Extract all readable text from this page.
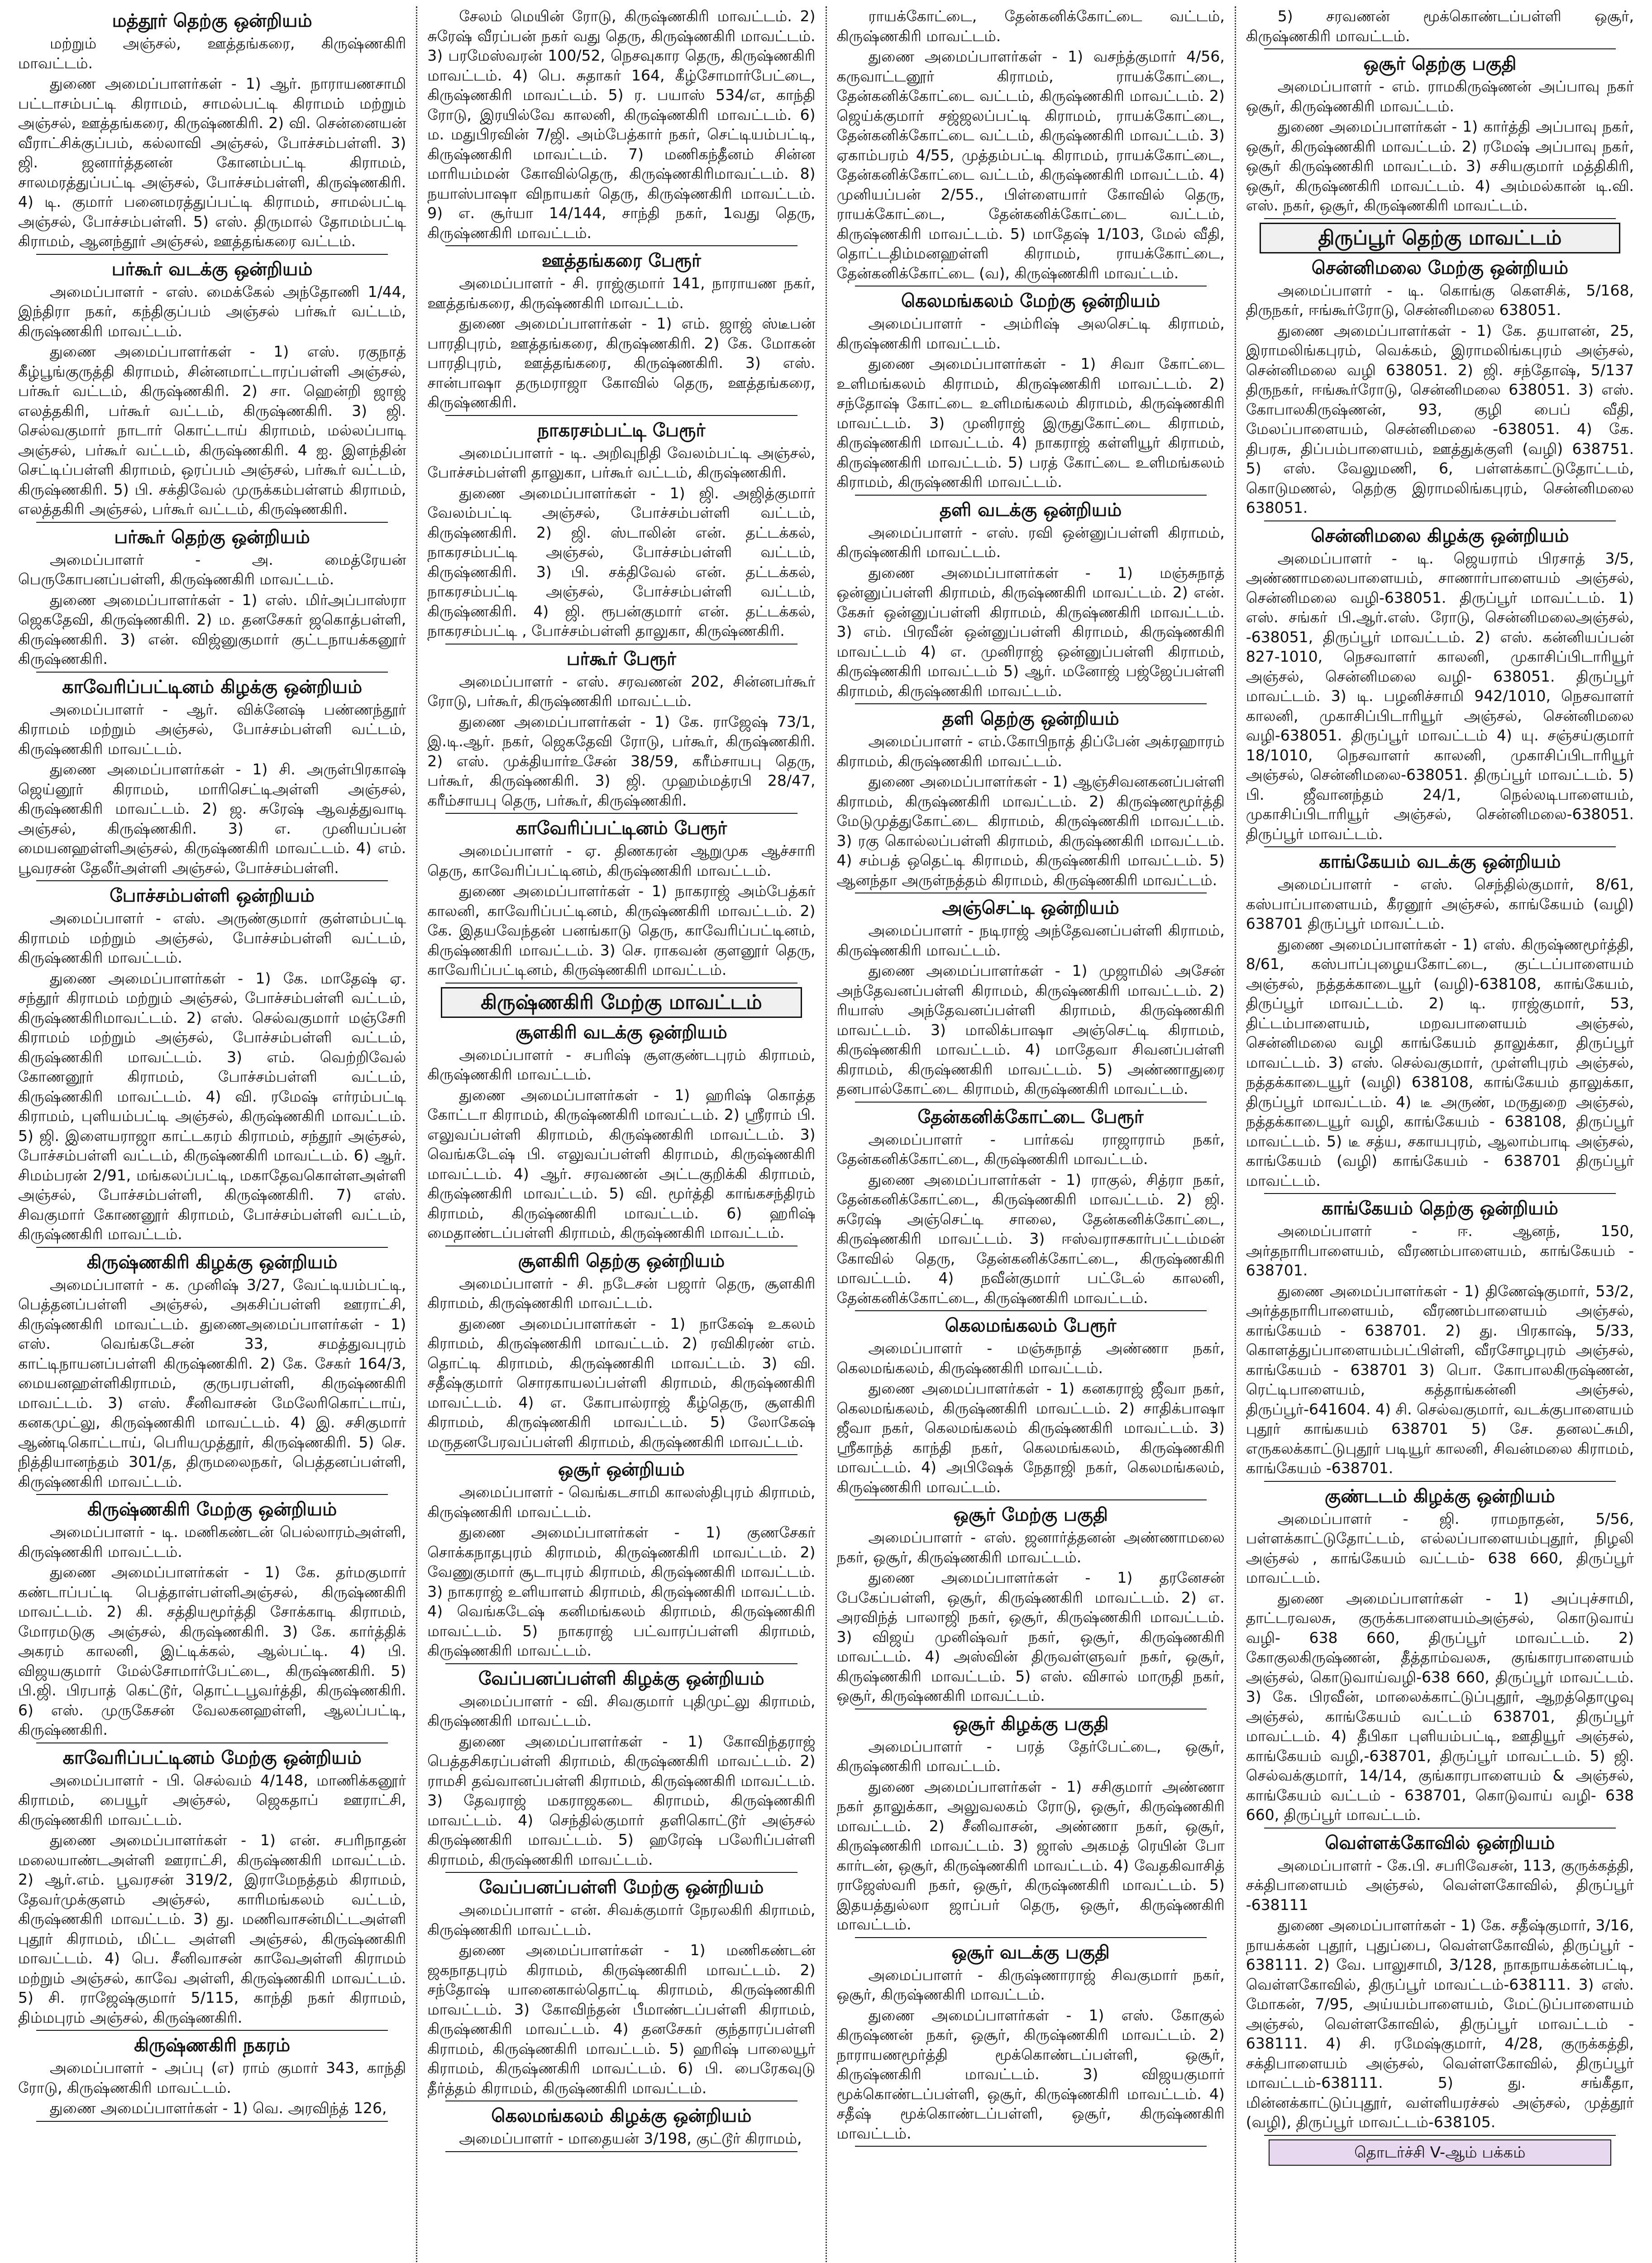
மத்தூர் தெற்கு ஒன்றியம்

மற்றும் அஞ்சல், ஊத்தங்கரை, கிருஷ்ணகிரி மாவட்டம்.

துணை அமைப்பாளர்கள் - 1) ஆர். நாராயணசாமி பட்டாசம்பட்டி கிராமம், சாமல்பட்டி கிராமம் மற்றும் அஞ்சல், ஊத்தங்கரை, கிருஷ்ணகிரி. 2) வி. சென்னையன் வீராட்சிக்குப்பம், கல்லாவி அஞ்சல், போச்சம்பள்ளி. 3) ஜி. ஜனார்த்தனன் கோனம்பட்டி கிராமம், சாலமரத்துப்பட்டி அஞ்சல், போச்சம்பள்ளி, கிருஷ்ணகிரி. 4) டி. குமார் பனைமரத்துப்பட்டி கிராமம், சாமல்பட்டி அஞ்சல், போச்சம்பள்ளி. 5) எஸ். திருமால் தோமம்பட்டி கிராமம், ஆனந்தூர் அஞ்சல், ஊத்தங்கரை வட்டம்.

பர்கூர் வடக்கு ஒன்றியம்

அமைப்பாளர் - எஸ். மைக்கேல் அந்தோணி 1/44, இந்திரா நகர், கந்திகுப்பம் அஞ்சல் பர்கூர் வட்டம், கிருஷ்ணகிரி மாவட்டம்.

துணை அமைப்பாளர்கள் - 1) எஸ். ரகுநாத் கீழ்பூங்குருத்தி கிராமம், சின்னமாட்டாரப்பள்ளி அஞ்சல், பர்கூர் வட்டம், கிருஷ்ணகிரி. 2) சா. ஹென்றி ஜாஜ் எலத்தகிரி, பர்கூர் வட்டம், கிருஷ்ணகிரி. 3) ஜி. செல்வகுமார் நாடார் கொட்டாய் கிராமம், மல்லப்பாடி அஞ்சல், பர்கூர் வட்டம், கிருஷ்ணகிரி. 4 ஐ. இளந்தின் செட்டிப்பள்ளி கிராமம், ஒரப்பம் அஞ்சல், பர்கூர் வட்டம், கிருஷ்ணகிரி. 5) பி. சக்திவேல் முருக்கம்பள்ளம் கிராமம், எலத்தகிரி அஞ்சல், பர்கூர் வட்டம், கிருஷ்ணகிரி.

பர்கூர் தெற்கு ஒன்றியம்

அமைப்பாளர் - அ. மைத்ரேயன் பெருகோபனப்பள்ளி, கிருஷ்ணகிரி மாவட்டம்.

துணை அமைப்பாளர்கள் - 1) எஸ். மிர்அப்பாஸ்ரா ஜெகதேவி, கிருஷ்ணகிரி. 2) ம. தனசேகர் ஜகொத்பள்ளி, கிருஷ்ணகிரி. 3) என். விஜ்னுகுமார் குட்டநாயக்கனூர் கிருஷ்ணகிரி.

காவேரிப்பட்டினம் கிழக்கு ஒன்றியம்

அமைப்பாளர் - ஆர். விக்னேஷ் பண்ணந்தூர் கிராமம் மற்றும் அஞ்சல், போச்சம்பள்ளி வட்டம், கிருஷ்ணகிரி மாவட்டம்.

துணை அமைப்பாளர்கள் - 1) சி. அருள்பிரகாஷ் ஜெய்னூர் கிராமம், மாரிசெட்டிஅள்ளி அஞ்சல், கிருஷ்ணகிரி மாவட்டம். 2) ஜ. சுரேஷ் ஆவத்துவாடி அஞ்சல், கிருஷ்ணகிரி. 3) எ. முனியப்பன் மையனஹள்ளிஅஞ்சல், கிருஷ்ணகிரி மாவட்டம். 4) எம். பூவரசன் தேலீர்அள்ளி அஞ்சல், போச்சம்பள்ளி.

போச்சம்பள்ளி ஒன்றியம்

அமைப்பாளர் - எஸ். அருண்குமார் குள்ளம்பட்டி கிராமம் மற்றும் அஞ்சல், போச்சம்பள்ளி வட்டம், கிருஷ்ணகிரி மாவட்டம்.

துணை அமைப்பாளர்கள் - 1) கே. மாதேஷ் ஏ. சந்தூர் கிராமம் மற்றும் அஞ்சல், போச்சம்பள்ளி வட்டம், கிருஷ்ணகிரிமாவட்டம். 2) எஸ். செல்வகுமார் மஞ்சேரி கிராமம் மற்றும் அஞ்சல், போச்சம்பள்ளி வட்டம், கிருஷ்ணகிரி மாவட்டம். 3) எம். வெற்றிவேல் கோணனூர் கிராமம், போச்சம்பள்ளி வட்டம், கிருஷ்ணகிரி மாவட்டம். 4) வி. ரமேஷ் எர்ரம்பட்டி கிராமம், புளியம்பட்டி அஞ்சல், கிருஷ்ணகிரி மாவட்டம். 5) ஜி. இளையராஜா காட்டகரம் கிராமம், சந்தூர் அஞ்சல், போச்சம்பள்ளி வட்டம், கிருஷ்ணகிரி மாவட்டம். 6) ஆர். சிமம்பரன் 2/91, மங்கலப்பட்டி, மகாதேவகொள்ளஅள்ளி அஞ்சல், போச்சம்பள்ளி, கிருஷ்ணகிரி. 7) எஸ். சிவகுமார் கோணனூர் கிராமம், போச்சம்பள்ளி வட்டம், கிருஷ்ணகிரி மாவட்டம்.

கிருஷ்ணகிரி கிழக்கு ஒன்றியம்

அமைப்பாளர் - க. முனிஷ் 3/27, வேட்டியம்பட்டி, பெத்தனப்பள்ளி அஞ்சல், அகசிப்பள்ளி ஊராட்சி, கிருஷ்ணகிரி மாவட்டம். துணைஅமைப்பாளர்கள் - 1) எஸ். வெங்கடேசன் 33, சமத்துவபுரம் காட்டிநாயனப்பள்ளி கிருஷ்ணகிரி. 2) கே. சேகர் 164/3, மையனஹள்ளிகிராமம், குருபரபள்ளி, கிருஷ்ணகிரி மாவட்டம். 3) எஸ். சீனிவாசன் மேலேரிகொட்டாய், கனகமுட்லு, கிருஷ்ணகிரி மாவட்டம். 4) இ. சசிகுமார் ஆண்டிகொட்டாய், பெரியமுத்தூர், கிருஷ்ணகிரி. 5) செ. நித்தியானந்தம் 301/த, திருமலைநகர், பெத்தனப்பள்ளி, கிருஷ்ணகிரி மாவட்டம்.

கிருஷ்ணகிரி மேற்கு ஒன்றியம்

அமைப்பாளர் - டி. மணிகண்டன் பெல்லாரம்அள்ளி, கிருஷ்ணகிரி மாவட்டம்.

துணை அமைப்பாளர்கள் - 1) கே. தர்மகுமார் கண்டாப்பட்டி பெத்தாள்பள்ளிஅஞ்சல், கிருஷ்ணகிரி மாவட்டம். 2) கி. சத்தியமூர்த்தி சோக்காடி கிராமம், மோரமடுகு அஞ்சல், கிருஷ்ணகிரி. 3) கே. கார்த்திக் அகரம் காலனி, இட்டிக்கல், ஆல்பட்டி. 4) பி. விஜயகுமார் மேல்சோமார்பேட்டை, கிருஷ்ணகிரி. 5) பி.ஜி. பிரபாத் கெட்டூர், தொட்டபூவர்த்தி, கிருஷ்ணகிரி. 6) எஸ். முருகேசன் வேலகனஹள்ளி, ஆலப்பட்டி, கிருஷ்ணகிரி.

காவேரிப்பட்டினம் மேற்கு ஒன்றியம்

அமைப்பாளர் - பி. செல்வம் 4/148, மாணிக்கனூர் கிராமம், பையூர் அஞ்சல், ஜெகதாப் ஊராட்சி, கிருஷ்ணகிரி மாவட்டம்.

துணை அமைப்பாளர்கள் - 1) என். சபரிநாதன் மலையாண்டஅள்ளி ஊராட்சி, கிருஷ்ணகிரி மாவட்டம். 2) ஆர்.எம். பூவரசன் 319/2, இராமேநத்தம் கிராமம், தேவர்முக்குளம் அஞ்சல், காரிமங்கலம் வட்டம், கிருஷ்ணகிரி மாவட்டம். 3) து. மணிவாசன்மிட்டஅள்ளி புதூர் கிராமம், மிட்ட அள்ளி அஞ்சல், கிருஷ்ணகிரி மாவட்டம். 4) பெ. சீனிவாசன் காவேஅள்ளி கிராமம் மற்றும் அஞ்சல், காவே அள்ளி, கிருஷ்ணகிரி மாவட்டம். 5) சி. ராஜேஷ்குமார் 5/115, காந்தி நகர் கிராமம், திம்மபுரம் அஞ்சல், கிருஷ்ணகிரி.

கிருஷ்ணகிரி நகரம்

அமைப்பாளர் - அப்பு (எ) ராம் குமார் 343, காந்தி ரோடு, கிருஷ்ணகிரி மாவட்டம்.

துணை அமைப்பாளர்கள் - 1) வெ. அரவிந்த் 126,

சேலம் மெயின் ரோடு, கிருஷ்ணகிரி மாவட்டம். 2) சுரேஷ் வீரப்பன் நகர் வது தெரு, கிருஷ்ணகிரி மாவட்டம். 3) பரமேஸ்வரன் 100/52, நெசவுகார தெரு, கிருஷ்ணகிரி மாவட்டம். 4) பெ. சுதாகர் 164, கீழ்சோமார்பேட்டை, கிருஷ்ணகிரி மாவட்டம். 5) ர. பயாஸ் 534/எ, காந்தி ரோடு, இரயில்வே காலனி, கிருஷ்ணகிரி மாவட்டம். 6) ம. மதுபிரவின் 7/ஜி. அம்பேத்கார் நகர், செட்டியம்பட்டி, கிருஷ்ணகிரி மாவட்டம். 7) மணிகந்தீனம் சின்ன மாரியம்மன் கோவில்தெரு, கிருஷ்ணகிரிமாவட்டம். 8) நயாஸ்பாஷா விநாயகர் தெரு, கிருஷ்ணகிரி மாவட்டம். 9) எ. சூர்யா 14/144, சாந்தி நகர், 1வது தெரு, கிருஷ்ணகிரி மாவட்டம்.

ஊத்தங்கரை பேரூர்

அமைப்பாளர் - சி. ராஜ்குமார் 141, நாராயண நகர், ஊத்தங்கரை, கிருஷ்ணகிரி மாவட்டம்.

துணை அமைப்பாளர்கள் - 1) எம். ஜாஜ் ஸ்டீபன் பாரதிபுரம், ஊத்தங்கரை, கிருஷ்ணகிரி. 2) கே. மோகன் பாரதிபுரம், ஊத்தங்கரை, கிருஷ்ணகிரி. 3) எஸ். சான்பாஷா தருமராஜா கோவில் தெரு, ஊத்தங்கரை, கிருஷ்ணகிரி.

நாகரசம்பட்டி பேரூர்

அமைப்பாளர் - டி. அறிவுநிதி வேலம்பட்டி அஞ்சல், போச்சம்பள்ளி தாலுகா, பர்கூர் வட்டம், கிருஷ்ணகிரி.

துணை அமைப்பாளர்கள் - 1) ஜி. அஜித்குமார் வேலம்பட்டி அஞ்சல், போச்சம்பள்ளி வட்டம், கிருஷ்ணகிரி. 2) ஜி. ஸ்டாலின் என். தட்டக்கல், நாகரசம்பட்டி அஞ்சல், போச்சம்பள்ளி வட்டம், கிருஷ்ணகிரி. 3) பி. சக்திவேல் என். தட்டக்கல், நாகரசம்பட்டி அஞ்சல், போச்சம்பள்ளி வட்டம், கிருஷ்ணகிரி. 4) ஜி. ரூபன்குமார் என். தட்டக்கல், நாகரசம்பட்டி , போச்சம்பள்ளி தாலுகா, கிருஷ்ணகிரி.

பர்கூர் பேரூர்

அமைப்பாளர் - எஸ். சரவணன் 202, சின்னபர்கூர் ரோடு, பர்கூர், கிருஷ்ணகிரி மாவட்டம்.

துணை அமைப்பாளர்கள் - 1) கே. ராஜேஷ் 73/1, இ.டி.ஆர். நகர், ஜெகதேவி ரோடு, பர்கூர், கிருஷ்ணகிரி. 2) எஸ். முக்தியார்உசேன் 38/59, கரீம்சாயபு தெரு, பர்கூர், கிருஷ்ணகிரி. 3) ஜி. முஹம்மத்ரபி 28/47, கரீம்சாயபு தெரு, பர்கூர், கிருஷ்ணகிரி.

காவேரிப்பட்டினம் பேரூர்

அமைப்பாளர் - ஏ. திணகரன் ஆறுமுக ஆச்சாரி தெரு, காவேரிப்பட்டினம், கிருஷ்ணகிரி மாவட்டம்.

துணை அமைப்பாளர்கள் - 1) நாகராஜ் அம்பேத்கர் காலனி, காவேரிப்பட்டினம், கிருஷ்ணகிரி மாவட்டம். 2) கே. இதயவேந்தன் பனங்காடு தெரு, காவேரிப்பட்டினம், கிருஷ்ணகிரி மாவட்டம். 3) செ. ராகவன் குளனூர் தெரு, காவேரிப்பட்டினம், கிருஷ்ணகிரி மாவட்டம்.

கிருஷ்ணகிரி மேற்கு மாவட்டம்
சூளகிரி வடக்கு ஒன்றியம்

அமைப்பாளர் - சபரிஷ் சூளகுண்டபுரம் கிராமம், கிருஷ்ணகிரி மாவட்டம்.

துணை அமைப்பாளர்கள் - 1) ஹரிஷ் கொத்த கோட்டா கிராமம், கிருஷ்ணகிரி மாவட்டம். 2) ஸ்ரீராம் பி. எலுவப்பள்ளி கிராமம், கிருஷ்ணகிரி மாவட்டம். 3) வெங்கடேஷ் பி. எலுவப்பள்ளி கிராமம், கிருஷ்ணகிரி மாவட்டம். 4) ஆர். சரவணன் அட்டகுறிக்கி கிராமம், கிருஷ்ணகிரி மாவட்டம். 5) வி. மூர்த்தி காங்கசந்திரம் கிராமம், கிருஷ்ணகிரி மாவட்டம். 6) ஹரிஷ் மைதாண்டப்பள்ளி கிராமம், கிருஷ்ணகிரி மாவட்டம்.

சூளகிரி தெற்கு ஒன்றியம்

அமைப்பாளர் - சி. நடேசன் பஜார் தெரு, சூளகிரி கிராமம், கிருஷ்ணகிரி மாவட்டம்.

துணை அமைப்பாளர்கள் - 1) நாகேஷ் உகலம் கிராமம், கிருஷ்ணகிரி மாவட்டம். 2) ரவிகிரண் எம். தொட்டி கிராமம், கிருஷ்ணகிரி மாவட்டம். 3) வி. சதீஷ்குமார் சொரகாயலப்பள்ளி கிராமம், கிருஷ்ணகிரி மாவட்டம். 4) எ. கோபால்ராஜ் கீழ்தெரு, சூளகிரி கிராமம், கிருஷ்ணகிரி மாவட்டம். 5) லோகேஷ் மருதனபேரவப்பள்ளி கிராமம், கிருஷ்ணகிரி மாவட்டம்.

ஒசூர் ஒன்றியம்

அமைப்பாளர் - வெங்கடசாமி காலஸ்திபுரம் கிராமம், கிருஷ்ணகிரி மாவட்டம்.

துணை அமைப்பாளர்கள் - 1) குணசேகர் சொக்கநாதபுரம் கிராமம், கிருஷ்ணகிரி மாவட்டம். 2) வேணுகுமார் சூடாபுரம் கிராமம், கிருஷ்ணகிரி மாவட்டம். 3) நாகராஜ் உளியாளம் கிராமம், கிருஷ்ணகிரி மாவட்டம். 4) வெங்கடேஷ் கனிமங்கலம் கிராமம், கிருஷ்ணகிரி மாவட்டம். 5) நாகராஜ் பட்வாரப்பள்ளி கிராமம், கிருஷ்ணகிரி மாவட்டம்.

வேப்பனப்பள்ளி கிழக்கு ஒன்றியம்

அமைப்பாளர் - வி. சிவகுமார் புதிமுட்லு கிராமம், கிருஷ்ணகிரி மாவட்டம்.

துணை அமைப்பாளர்கள் - 1) கோவிந்தராஜ் பெத்தசிகரப்பள்ளி கிராமம், கிருஷ்ணகிரி மாவட்டம். 2) ராமசி தவ்வானப்பள்ளி கிராமம், கிருஷ்ணகிரி மாவட்டம். 3) தேவராஜ் மகராஜகடை கிராமம், கிருஷ்ணகிரி மாவட்டம். 4) செந்தில்குமார் தளிகொட்டூர் அஞ்சல் கிருஷ்ணகிரி மாவட்டம். 5) ஹரேஷ் பலேரிப்பள்ளி கிராமம், கிருஷ்ணகிரி மாவட்டம்.

வேப்பனப்பள்ளி மேற்கு ஒன்றியம்

அமைப்பாளர் - என். சிவக்குமார் நேரலகிரி கிராமம், கிருஷ்ணகிரி மாவட்டம்.

துணை அமைப்பாளர்கள் - 1) மணிகண்டன் ஜகநாதபுரம் கிராமம், கிருஷ்ணகிரி மாவட்டம். 2) சந்தோஷ் யானைகால்தொட்டி கிராமம், கிருஷ்ணகிரி மாவட்டம். 3) கோவிந்தன் பீமாண்டப்பள்ளி கிராமம், கிருஷ்ணகிரி மாவட்டம். 4) தனசேகர் குந்தாரப்பள்ளி கிராமம், கிருஷ்ணகிரி மாவட்டம். 5) ஹரிஷ் பாலையூர் கிராமம், கிருஷ்ணகிரி மாவட்டம். 6) பி. பைரேகவுடு தீர்த்தம் கிராமம், கிருஷ்ணகிரி மாவட்டம்.

கெலமங்கலம் கிழக்கு ஒன்றியம்

அமைப்பாளர் - மாதையன் 3/198, குட்டூர் கிராமம்,

ராயக்கோட்டை, தேன்கனிக்கோட்டை வட்டம், கிருஷ்ணகிரி மாவட்டம்.

துணை அமைப்பாளர்கள் - 1) வசந்த்குமார் 4/56, கருவாட்டனூர் கிராமம், ராயக்கோட்டை, தேன்கனிக்கோட்டை வட்டம், கிருஷ்ணகிரி மாவட்டம். 2) ஜெய்க்குமார் சஜ்ஜலப்பட்டி கிராமம், ராயக்கோட்டை, தேன்கனிக்கோட்டை வட்டம், கிருஷ்ணகிரி மாவட்டம். 3) ஏகாம்பரம் 4/55, முத்தம்பட்டி கிராமம், ராயக்கோட்டை, தேன்கனிக்கோட்டை வட்டம், கிருஷ்ணகிரி மாவட்டம். 4) முனியப்பன் 2/55., பிள்ளையார் கோவில் தெரு, ராயக்கோட்டை, தேன்கனிக்கோட்டை வட்டம், கிருஷ்ணகிரி மாவட்டம். 5) மாதேஷ் 1/103, மேல் வீதி, தொட்டதிம்மனஹள்ளி கிராமம், ராயக்கோட்டை, தேன்கனிக்கோட்டை (வ), கிருஷ்ணகிரி மாவட்டம்.

கெலமங்கலம் மேற்கு ஒன்றியம்

அமைப்பாளர் - அம்ரிஷ் அலசெட்டி கிராமம், கிருஷ்ணகிரி மாவட்டம்.

துணை அமைப்பாளர்கள் - 1) சிவா கோட்டை உளிமங்கலம் கிராமம், கிருஷ்ணகிரி மாவட்டம். 2) சந்தோஷ் கோட்டை உளிமங்கலம் கிராமம், கிருஷ்ணகிரி மாவட்டம். 3) முனிராஜ் இருதுகோட்டை கிராமம், கிருஷ்ணகிரி மாவட்டம். 4) நாகராஜ் கள்ளியூர் கிராமம், கிருஷ்ணகிரி மாவட்டம். 5) பரத் கோட்டை உளிமங்கலம் கிராமம், கிருஷ்ணகிரி மாவட்டம்.

தளி வடக்கு ஒன்றியம்

அமைப்பாளர் - எஸ். ரவி ஒன்னுப்பள்ளி கிராமம், கிருஷ்ணகிரி மாவட்டம்.

துணை அமைப்பாளர்கள் - 1) மஞ்சுநாத் ஒன்னுப்பள்ளி கிராமம், கிருஷ்ணகிரி மாவட்டம். 2) என். கேசுர் ஒன்னுப்பள்ளி கிராமம், கிருஷ்ணகிரி மாவட்டம். 3) எம். பிரவீன் ஒன்னுப்பள்ளி கிராமம், கிருஷ்ணகிரி மாவட்டம் 4) எ. முனிராஜ் ஒன்னுப்பள்ளி கிராமம், கிருஷ்ணகிரி மாவட்டம் 5) ஆர். மனோஜ் பஜ்ஜேப்பள்ளி கிராமம், கிருஷ்ணகிரி மாவட்டம்.

தளி தெற்கு ஒன்றியம்

அமைப்பாளர் - எம்.கோபிநாத் திப்பேன் அக்ரஹாரம் கிராமம், கிருஷ்ணகிரி மாவட்டம்.

துணை அமைப்பாளர்கள் - 1) ஆஞ்சிவனகனப்பள்ளி கிராமம், கிருஷ்ணகிரி மாவட்டம். 2) கிருஷ்ணமூர்த்தி மேடுமுத்துகோட்டை கிராமம், கிருஷ்ணகிரி மாவட்டம். 3) ரகு கொல்லப்பள்ளி கிராமம், கிருஷ்ணகிரி மாவட்டம். 4) சம்பத் ஒதெட்டி கிராமம், கிருஷ்ணகிரி மாவட்டம். 5) ஆனந்தா அருள்நத்தம் கிராமம், கிருஷ்ணகிரி மாவட்டம்.

அஞ்செட்டி ஒன்றியம்

அமைப்பாளர் - நடிராஜ் அந்தேவனப்பள்ளி கிராமம், கிருஷ்ணகிரி மாவட்டம்.

துணை அமைப்பாளர்கள் - 1) முஜாமில் அசேன் அந்தேவனப்பள்ளி கிராமம், கிருஷ்ணகிரி மாவட்டம். 2) ரியாஸ் அந்தேவனப்பள்ளி கிராமம், கிருஷ்ணகிரி மாவட்டம். 3) மாலிக்பாஷா அஞ்செட்டி கிராமம், கிருஷ்ணகிரி மாவட்டம். 4) மாதேவா சிவனப்பள்ளி கிராமம், கிருஷ்ணகிரி மாவட்டம். 5) அண்ணாதுரை தனபால்கோட்டை கிராமம், கிருஷ்ணகிரி மாவட்டம்.

தேன்கனிக்கோட்டை பேரூர்

அமைப்பாளர் - பார்கவ் ராஜாராம் நகர், தேன்கனிக்கோட்டை, கிருஷ்ணகிரி மாவட்டம்.

துணை அமைப்பாளர்கள் - 1) ராகுல், சித்ரா நகர், தேன்கனிக்கோட்டை, கிருஷ்ணகிரி மாவட்டம். 2) ஜி. சுரேஷ் அஞ்செட்டி சாலை, தேன்கனிக்கோட்டை, கிருஷ்ணகிரி மாவட்டம். 3) ஈஸ்வராசகார்பட்டம்மன் கோவில் தெரு, தேன்கனிக்கோட்டை, கிருஷ்ணகிரி மாவட்டம். 4) நவீன்குமார் பட்டேல் காலனி, தேன்கனிக்கோட்டை, கிருஷ்ணகிரி மாவட்டம்.

கெலமங்கலம் பேரூர்

அமைப்பாளர் - மஞ்சுநாத் அண்ணா நகர், கெலமங்கலம், கிருஷ்ணகிரி மாவட்டம்.

துணை அமைப்பாளர்கள் - 1) கனகராஜ் ஜீவா நகர், கெலமங்கலம், கிருஷ்ணகிரி மாவட்டம். 2) சாதிக்பாஷா ஜீவா நகர், கெலமங்கலம் கிருஷ்ணகிரி மாவட்டம். 3) ஸ்ரீகாந்த் காந்தி நகர், கெலமங்கலம், கிருஷ்ணகிரி மாவட்டம். 4) அபிஷேக் நேதாஜி நகர், கெலமங்கலம், கிருஷ்ணகிரி மாவட்டம்.

ஒசூர் மேற்கு பகுதி

அமைப்பாளர் - எஸ். ஜனார்த்தனன் அண்ணாமலை நகர், ஒசூர், கிருஷ்ணகிரி மாவட்டம்.

துணை அமைப்பாளர்கள் - 1) தரனேசன் பேகேப்பள்ளி, ஒசூர், கிருஷ்ணகிரி மாவட்டம். 2) எ. அரவிந்த் பாலாஜி நகர், ஒசூர், கிருஷ்ணகிரி மாவட்டம். 3) விஜய் முனிஷ்வர் நகர், ஒசூர், கிருஷ்ணகிரி மாவட்டம். 4) அஸ்வின் திருவள்ளுவர் நகர், ஒசூர், கிருஷ்ணகிரி மாவட்டம். 5) எஸ். விசால் மாருதி நகர், ஒசூர், கிருஷ்ணகிரி மாவட்டம்.

ஒசூர் கிழக்கு பகுதி

அமைப்பாளர் - பரத் தேர்பேட்டை, ஒசூர், கிருஷ்ணகிரி மாவட்டம்.

துணை அமைப்பாளர்கள் - 1) சசிகுமார் அண்ணா நகர் தாலுக்கா, அலுவலகம் ரோடு, ஒசூர், கிருஷ்ணகிரி மாவட்டம். 2) சீனிவாசன், அண்ணா நகர், ஒசூர், கிருஷ்ணகிரி மாவட்டம். 3) ஜாஸ் அகமத் ரெயின் போ கார்டன், ஒசூர், கிருஷ்ணகிரி மாவட்டம். 4) வேதகிவாசித் ராஜேஸ்வரி நகர், ஒசூர், கிருஷ்ணகிரி மாவட்டம். 5) இதயத்துல்லா ஜாப்பர் தெரு, ஒசூர், கிருஷ்ணகிரி மாவட்டம்.

ஒசூர் வடக்கு பகுதி

அமைப்பாளர் - கிருஷ்ணாராஜ் சிவகுமார் நகர், ஒசூர், கிருஷ்ணகிரி மாவட்டம்.

துணை அமைப்பாளர்கள் - 1) எஸ். கோகுல் கிருஷ்ணன் நகர், ஒசூர், கிருஷ்ணகிரி மாவட்டம். 2) நாராயணமூர்த்தி மூக்கொண்டப்பள்ளி, ஒசூர், கிருஷ்ணகிரி மாவட்டம். 3) விஜயகுமார் மூக்கொண்டப்பள்ளி, ஒசூர், கிருஷ்ணகிரி மாவட்டம். 4) சதீஷ் மூக்கொண்டப்பள்ளி, ஒசூர், கிருஷ்ணகிரி மாவட்டம்.

5) சரவணன் மூக்கொண்டப்பள்ளி ஒசூர், கிருஷ்ணகிரி மாவட்டம்.

ஒசூர் தெற்கு பகுதி

அமைப்பாளர் - எம். ராமகிருஷ்ணன் அப்பாவு நகர் ஒசூர், கிருஷ்ணகிரி மாவட்டம்.

துணை அமைப்பாளர்கள் - 1) கார்த்தி அப்பாவு நகர், ஒசூர், கிருஷ்ணகிரி மாவட்டம். 2) ரமேஷ் அப்பாவு நகர், ஒசூர் கிருஷ்ணகிரி மாவட்டம். 3) சசியகுமார் மத்திகிரி, ஒசூர், கிருஷ்ணகிரி மாவட்டம். 4) அம்மல்கான் டி.வி. எஸ். நகர், ஒசூர், கிருஷ்ணகிரி மாவட்டம்.

திருப்பூர் தெற்கு மாவட்டம்
சென்னிமலை மேற்கு ஒன்றியம்

அமைப்பாளர் - டி. கொங்கு கௌசிக், 5/168, திருநகர், ஈங்கூர்ரோடு, சென்னிமலை 638051.

துணை அமைப்பாளர்கள் - 1) கே. தயாளன், 25, இராமலிங்கபுரம், வெக்கம், இராமலிங்கபுரம் அஞ்சல், சென்னிமலை வழி 638051. 2) ஜி. சந்தோஷ், 5/137 திருநகர், ஈங்கூர்ரோடு, சென்னிமலை 638051. 3) எஸ். கோபாலகிருஷ்ணன், 93, குழி பைப் வீதி, மேலப்பாளையம், சென்னிமலை -638051. 4) கே. திபரசு, திப்பம்பாளையம், ஊத்துக்குளி (வழி) 638751. 5) எஸ். வேலுமணி, 6, பள்ளக்காட்டுதோட்டம், கொடுமணல், தெற்கு இராமலிங்கபுரம், சென்னிமலை 638051.

சென்னிமலை கிழக்கு ஒன்றியம்

அமைப்பாளர் - டி. ஜெயராம் பிரசாத் 3/5, அண்ணாமலைபாளையம், சாணார்பாளையம் அஞ்சல், சென்னிமலை வழி-638051. திருப்பூர் மாவட்டம். 1) எஸ். சங்கர் பி.ஆர்.எஸ். ரோடு, சென்னிமலைஅஞ்சல், -638051, திருப்பூர் மாவட்டம். 2) எஸ். கன்னியப்பன் 827-1010, நெசவாளர் காலனி, முகாசிப்பிடாரியூர் அஞ்சல், சென்னிமலை வழி- 638051. திருப்பூர் மாவட்டம். 3) டி. பழனிச்சாமி 942/1010, நெசவாளர் காலனி, முகாசிப்பிடாரியூர் அஞ்சல், சென்னிமலை வழி-638051. திருப்பூர் மாவட்டம் 4) யு. சஞ்சய்குமார் 18/1010, நெசவாளர் காலனி, முகாசிப்பிடாரியூர் அஞ்சல், சென்னிமலை-638051. திருப்பூர் மாவட்டம். 5) பி. ஜீவானந்தம் 24/1, நெல்லடிபாளையம், முகாசிப்பிடாரியூர் அஞ்சல், சென்னிமலை-638051. திருப்பூர் மாவட்டம்.

காங்கேயம் வடக்கு ஒன்றியம்

அமைப்பாளர் - எஸ். செந்தில்குமார், 8/61, கஸ்பாப்பாளையம், கீரனூர் அஞ்சல், காங்கேயம் (வழி) 638701 திருப்பூர் மாவட்டம்.

துணை அமைப்பாளர்கள் - 1) எஸ். கிருஷ்ணமூர்த்தி, 8/61, கஸ்பாப்புழையகோட்டை, குட்டப்பாளையம் அஞ்சல், நத்தக்காடையூர் (வழி)-638108, காங்கேயம், திருப்பூர் மாவட்டம். 2) டி. ராஜ்குமார், 53, திட்டம்பாளையம், மறவபாளையம் அஞ்சல், சென்னிமலை வழி காங்கேயம் தாலுக்கா, திருப்பூர் மாவட்டம். 3) எஸ். செல்வகுமார், முள்ளிபுரம் அஞ்சல், நத்தக்காடையூர் (வழி) 638108, காங்கேயம் தாலுக்கா, திருப்பூர் மாவட்டம். 4) டீ அருண், மருதுறை அஞ்சல், நத்தக்காடையூர் வழி, காங்கேயம் - 638108, திருப்பூர் மாவட்டம். 5) டீ சத்ய, சகாயபுரம், ஆலாம்பாடி அஞ்சல், காங்கேயம் (வழி) காங்கேயம் - 638701 திருப்பூர் மாவட்டம்.

காங்கேயம் தெற்கு ஒன்றியம்

அமைப்பாளர் - ஈ. ஆனந், 150, அர்தநாரிபாளையம், வீரணம்பாளையம், காங்கேயம் - 638701.

துணை அமைப்பாளர்கள் - 1) திணேஷ்குமார், 53/2, அர்த்தநாரிபாளையம், வீரணம்பாளையம் அஞ்சல், காங்கேயம் - 638701. 2) து. பிரகாஷ், 5/33, கொளத்துப்பாளையம்பட்பிள்ளி, வீரசோழபுரம் அஞ்சல், காங்கேயம் - 638701 3) பொ. கோபாலகிருஷ்ணன், ரெட்டிபாளையம், கத்தாங்கன்னி அஞ்சல், திருப்பூர்-641604. 4) சி. செல்வகுமார், வடக்குபாளையம் புதூர் காங்கயம் 638701 5) சே. தனலட்சுமி, எருகலக்காட்டுபுதூர் படியூர் காலனி, சிவன்மலை கிராமம், காங்கேயம் -638701.

குண்டடம் கிழக்கு ஒன்றியம்

அமைப்பாளர் - ஜி. ராமநாதன், 5/56, பள்ளக்காட்டுதோட்டம், எல்லப்பாளையம்புதூர், நிழலி அஞ்சல் , காங்கேயம் வட்டம்- 638 660, திருப்பூர் மாவட்டம்.

துணை அமைப்பாளர்கள் - 1) அப்புச்சாமி, தாட்டரவலசு, குருக்கபாளையம்அஞ்சல், கொடுவாய் வழி- 638 660, திருப்பூர் மாவட்டம். 2) கோகுலகிருஷ்ணன், தீத்தாம்வலசு, குங்காரபாளையம் அஞ்சல், கொடுவாய்வழி-638 660, திருப்பூர் மாவட்டம். 3) கே. பிரவீன், மாலைக்காட்டுப்புதூர், ஆறத்தொழுவு அஞ்சல், காங்கேயம் வட்டம் 638701, திருப்பூர் மாவட்டம். 4) தீபிகா புளியம்பட்டி, ஊதியூர் அஞ்சல், காங்கேயம் வழி,-638701, திருப்பூர் மாவட்டம். 5) ஜி. செல்வக்குமார், 14/14, குங்காரபாளையம் & அஞ்சல், காங்கேயம் வட்டம் - 638701, கொடுவாய் வழி- 638 660, திருப்பூர் மாவட்டம்.

வெள்ளக்கோவில் ஒன்றியம்

அமைப்பாளர் - கே.பி. சபரிவேசன், 113, குருக்கத்தி, சக்திபாளையம் அஞ்சல், வெள்ளகோவில், திருப்பூர் -638111

துணை அமைப்பாளர்கள் - 1) கே. சதீஷ்குமார், 3/16, நாயக்கன் புதூர், புதுப்பை, வெள்ளகோவில், திருப்பூர் - 638111. 2) வே. பாலுசாமி, 3/128, நாகநாயக்கன்பட்டி, வெள்ளகோவில், திருப்பூர் மாவட்டம்-638111. 3) எஸ். மோகன், 7/95, அய்யம்பாளையம், மேட்டுப்பாளையம் அஞ்சல், வெள்ளகோவில், திருப்பூர் மாவட்டம் - 638111. 4) சி. ரமேஷ்குமார், 4/28, குருக்கத்தி, சக்திபாளையம் அஞ்சல், வெள்ளகோவில், திருப்பூர் மாவட்டம்-638111. 5) து. சங்கீதா, மின்னக்காட்டுப்புதூர், வள்ளியரச்சல் அஞ்சல், முத்தூர் (வழி), திருப்பூர் மாவட்டம்-638105.

தொடர்ச்சி V-ஆம் பக்கம்
